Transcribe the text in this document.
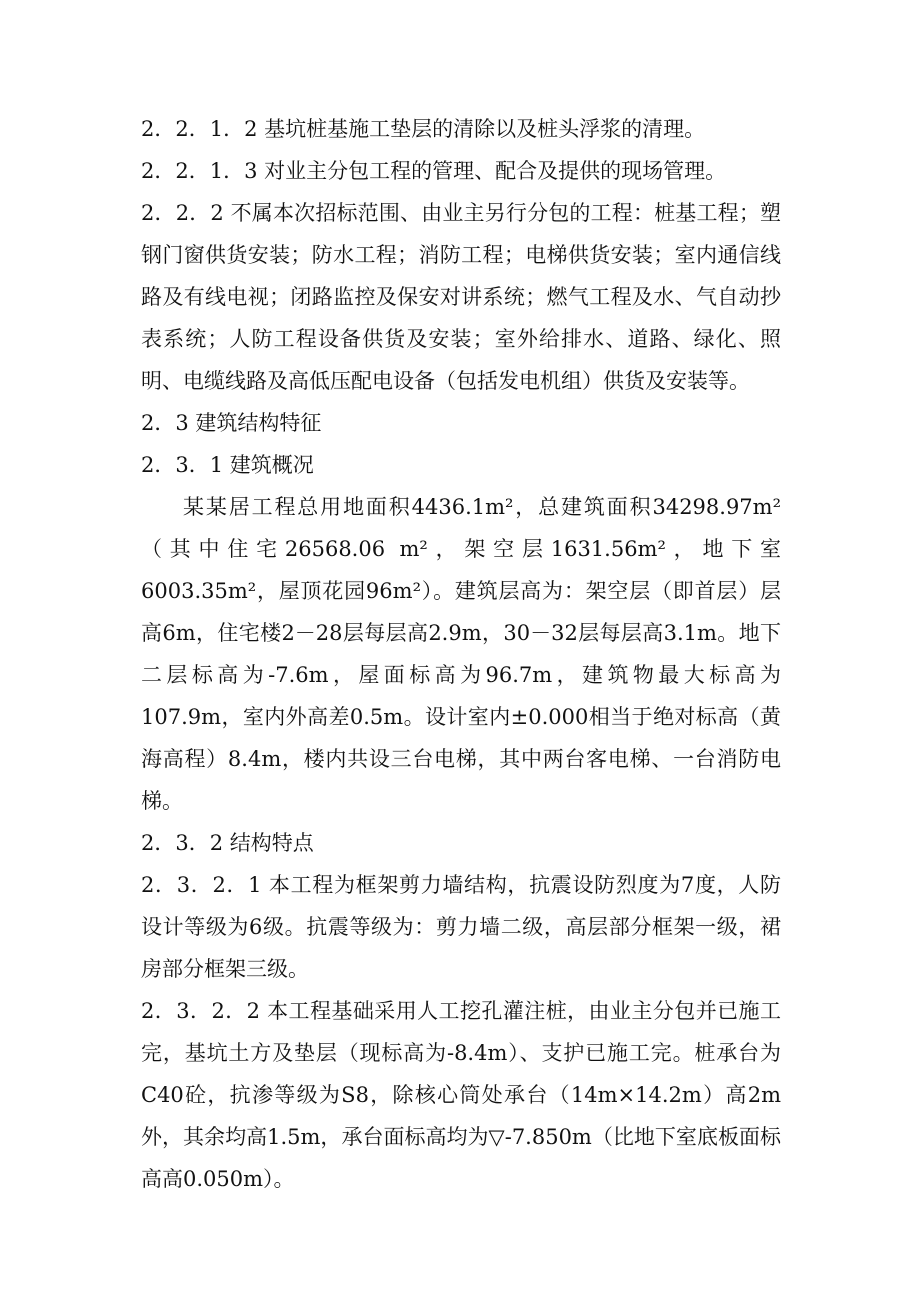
2．2．1．2 基坑桩基施工垫层的清除以及桩头浮浆的清理。

2．2．1．3 对业主分包工程的管理、配合及提供的现场管理。

2．2．2 不属本次招标范围、由业主另行分包的工程：桩基工程；塑钢门窗供货安装；防水工程；消防工程；电梯供货安装；室内通信线路及有线电视；闭路监控及保安对讲系统；燃气工程及水、气自动抄表系统；人防工程设备供货及安装；室外给排水、道路、绿化、照明、电缆线路及高低压配电设备（包括发电机组）供货及安装等。

2．3 建筑结构特征

2．3．1 建筑概况

某某居工程总用地面积4436.1m²，总建筑面积34298.97m²（其中住宅26568.06 m²，架空层1631.56m²，地下室6003.35m²，屋顶花园96m²）。建筑层高为：架空层（即首层）层高6m，住宅楼2－28层每层高2.9m，30－32层每层高3.1m。地下二层标高为-7.6m，屋面标高为96.7m，建筑物最大标高为107.9m，室内外高差0.5m。设计室内±0.000相当于绝对标高（黄海高程）8.4m，楼内共设三台电梯，其中两台客电梯、一台消防电梯。

2．3．2 结构特点

2．3．2．1 本工程为框架剪力墙结构，抗震设防烈度为7度，人防设计等级为6级。抗震等级为：剪力墙二级，高层部分框架一级，裙房部分框架三级。

2．3．2．2 本工程基础采用人工挖孔灌注桩，由业主分包并已施工完，基坑土方及垫层（现标高为-8.4m）、支护已施工完。桩承台为C40砼，抗渗等级为S8，除核心筒处承台（14m×14.2m）高2m外，其余均高1.5m，承台面标高均为▽-7.850m（比地下室底板面标高高0.050m）。
